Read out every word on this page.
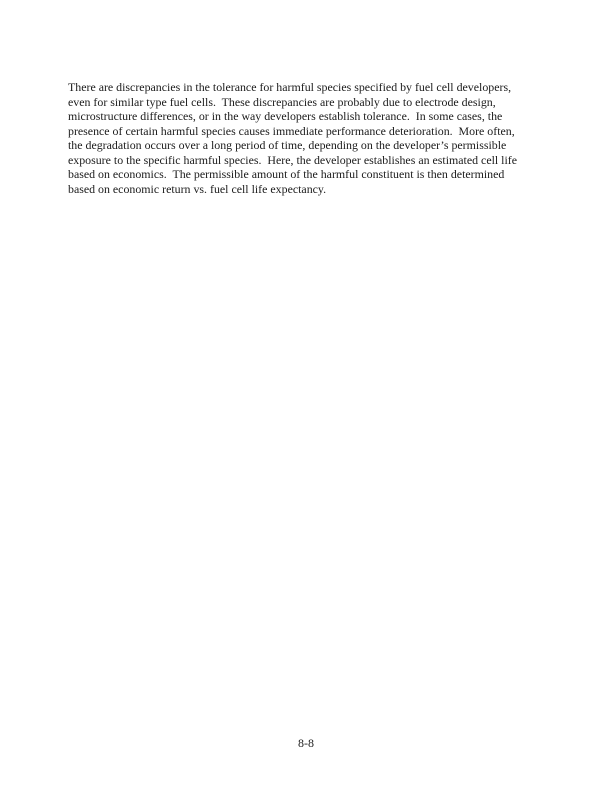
There are discrepancies in the tolerance for harmful species specified by fuel cell developers,
even for similar type fuel cells.  These discrepancies are probably due to electrode design,
microstructure differences, or in the way developers establish tolerance.  In some cases, the
presence of certain harmful species causes immediate performance deterioration.  More often,
the degradation occurs over a long period of time, depending on the developer’s permissible
exposure to the specific harmful species.  Here, the developer establishes an estimated cell life
based on economics.  The permissible amount of the harmful constituent is then determined
based on economic return vs. fuel cell life expectancy.
8-8
